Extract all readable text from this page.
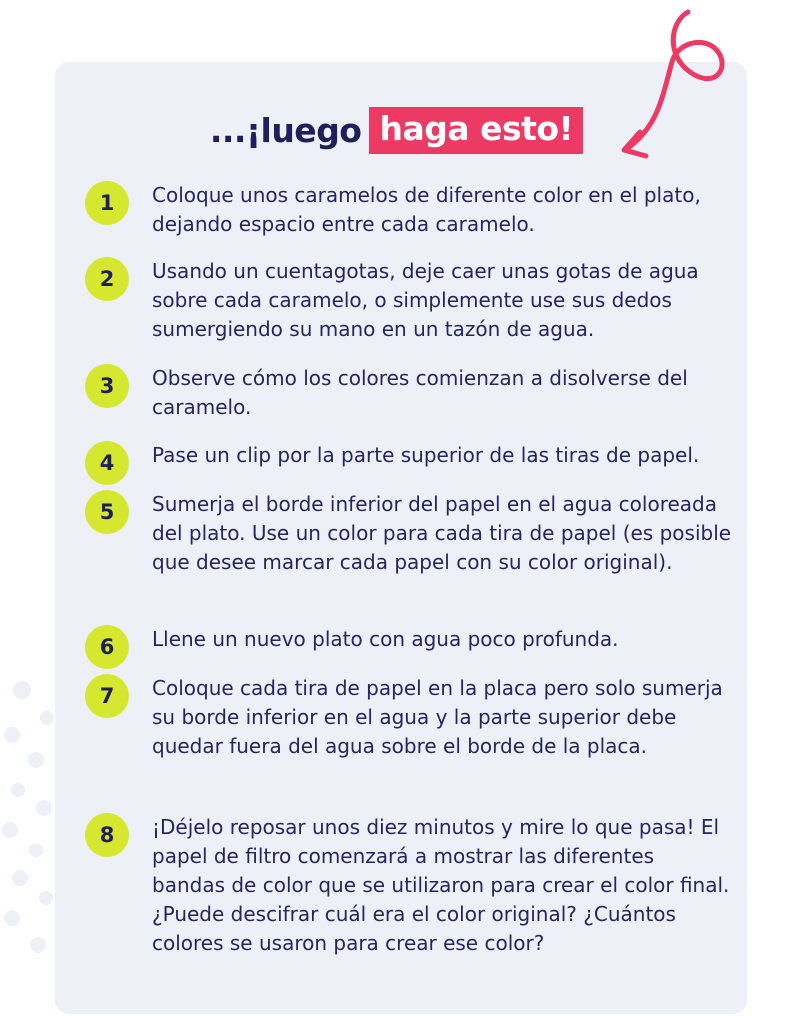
...¡luego haga esto!
1	Coloque unos caramelos de diferente color en el plato, dejando espacio entre cada caramelo.
2	Usando un cuentagotas, deje caer unas gotas de agua sobre cada caramelo, o simplemente use sus dedos sumergiendo su mano en un tazón de agua.
3	Observe cómo los colores comienzan a disolverse del caramelo.
4	Pase un clip por la parte superior de las tiras de papel.
5	Sumerja el borde inferior del papel en el agua coloreada del plato. Use un color para cada tira de papel (es posible que desee marcar cada papel con su color original).
6	Llene un nuevo plato con agua poco profunda.
7	Coloque cada tira de papel en la placa pero solo sumerja su borde inferior en el agua y la parte superior debe quedar fuera del agua sobre el borde de la placa.
8	¡Déjelo reposar unos diez minutos y mire lo que pasa! El papel de filtro comenzará a mostrar las diferentes bandas de color que se utilizaron para crear el color final. ¿Puede descifrar cuál era el color original? ¿Cuántos colores se usaron para crear ese color?
